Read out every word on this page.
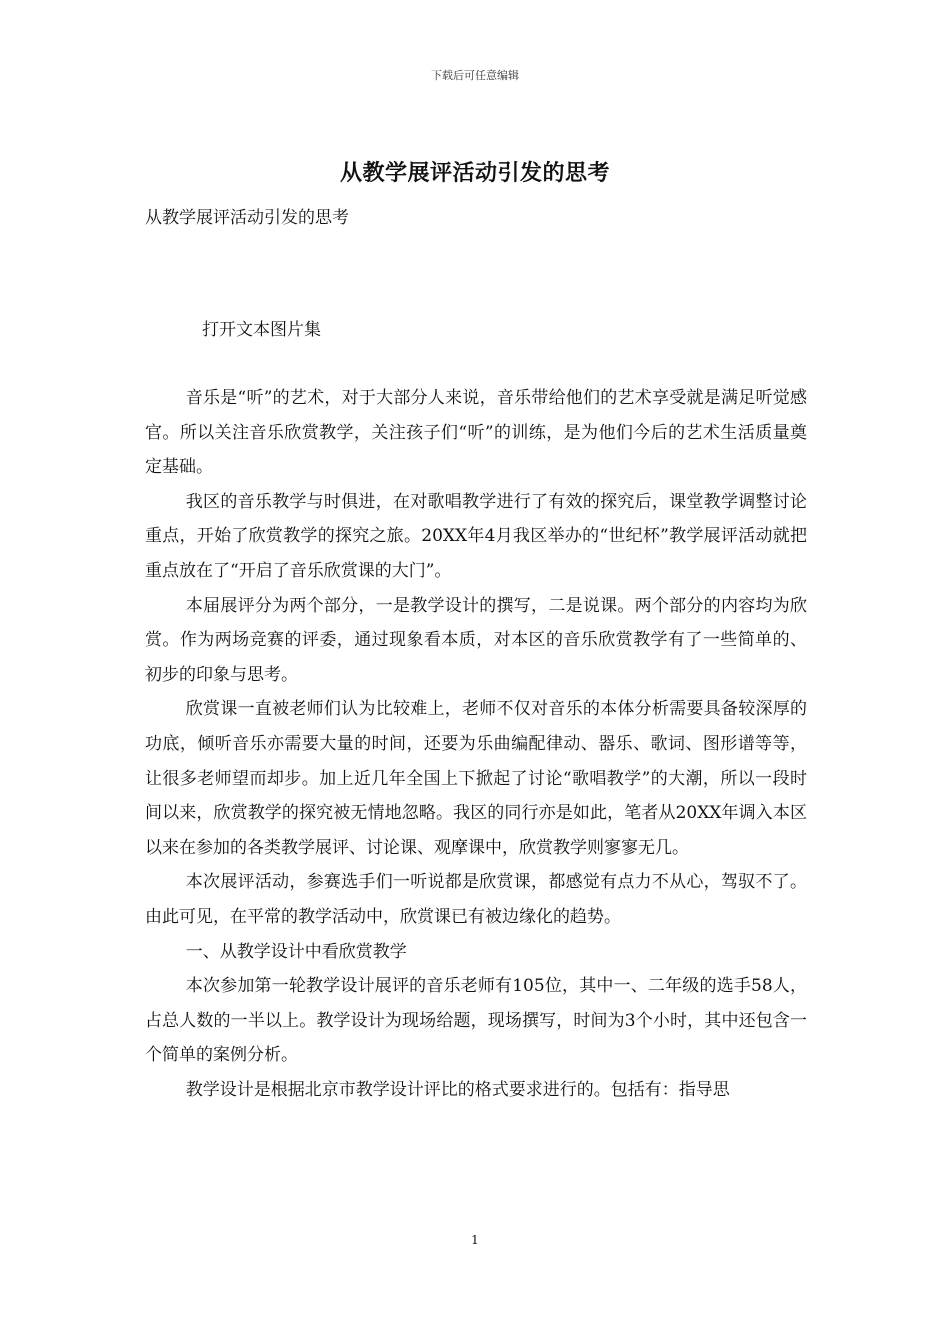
下载后可任意编辑
从教学展评活动引发的思考
从教学展评活动引发的思考
打开文本图片集

音乐是“听”的艺术，对于大部分人来说，音乐带给他们的艺术享受就是满足听觉感官。所以关注音乐欣赏教学，关注孩子们“听”的训练，是为他们今后的艺术生活质量奠定基础。

我区的音乐教学与时俱进，在对歌唱教学进行了有效的探究后，课堂教学调整讨论重点，开始了欣赏教学的探究之旅。20XX年4月我区举办的“世纪杯”教学展评活动就把重点放在了“开启了音乐欣赏课的大门”。

本届展评分为两个部分，一是教学设计的撰写，二是说课。两个部分的内容均为欣赏。作为两场竞赛的评委，通过现象看本质，对本区的音乐欣赏教学有了一些简单的、初步的印象与思考。

欣赏课一直被老师们认为比较难上，老师不仅对音乐的本体分析需要具备较深厚的功底，倾听音乐亦需要大量的时间，还要为乐曲编配律动、器乐、歌词、图形谱等等，让很多老师望而却步。加上近几年全国上下掀起了讨论“歌唱教学”的大潮，所以一段时间以来，欣赏教学的探究被无情地忽略。我区的同行亦是如此，笔者从20XX年调入本区以来在参加的各类教学展评、讨论课、观摩课中，欣赏教学则寥寥无几。

本次展评活动，参赛选手们一听说都是欣赏课，都感觉有点力不从心，驾驭不了。由此可见，在平常的教学活动中，欣赏课已有被边缘化的趋势。

一、从教学设计中看欣赏教学

本次参加第一轮教学设计展评的音乐老师有105位，其中一、二年级的选手58人，占总人数的一半以上。教学设计为现场给题，现场撰写，时间为3个小时，其中还包含一个简单的案例分析。

教学设计是根据北京市教学设计评比的格式要求进行的。包括有：指导思

1
